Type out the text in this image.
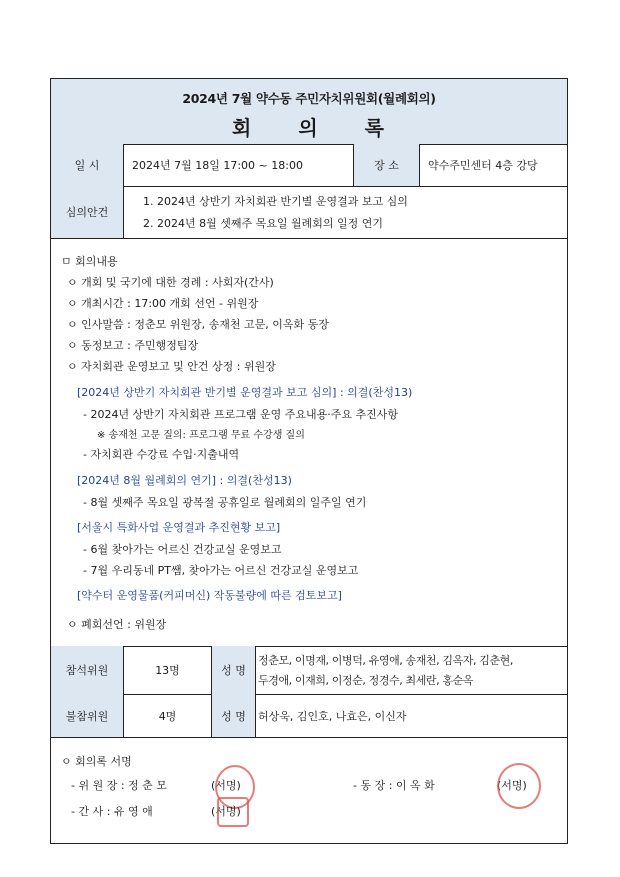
2024년 7월 약수동 주민자치위원회(월례회의)
회 의 록
일 시	2024년 7월 18일 17:00 ~ 18:00	장 소	약수주민센터 4층 강당
심의안건
1. 2024년 상반기 자치회관 반기별 운영결과 보고 심의
2. 2024년 8월 셋째주 목요일 월례회의 일정 연기
ㅁ 회의내용
ㅇ 개회 및 국기에 대한 경례 : 사회자(간사)
ㅇ 개최시간 : 17:00 개회 선언 - 위원장
ㅇ 인사말씀 : 정춘모 위원장, 송재천 고문, 이옥화 동장
ㅇ 동정보고 : 주민행정팀장
ㅇ 자치회관 운영보고 및 안건 상정 : 위원장
[2024년 상반기 자치회관 반기별 운영결과 보고 심의] : 의결(찬성13)
- 2024년 상반기 자치회관 프로그램 운영 주요내용·주요 추진사항
※ 송재천 고문 질의: 프로그램 무료 수강생 질의
- 자치회관 수강료 수입·지출내역
[2024년 8월 월례회의 연기] : 의결(찬성13)
- 8월 셋째주 목요일 광복절 공휴일로 월례회의 일주일 연기
[서울시 특화사업 운영결과 추진현황 보고]
- 6월 찾아가는 어르신 건강교실 운영보고
- 7월 우리동네 PT쌤, 찾아가는 어르신 건강교실 운영보고
[약수터 운영물품(커피머신) 작동불량에 따른 검토보고]
ㅇ 폐회선언 : 위원장
참석위원	13명	성 명
정춘모, 이명재, 이병덕, 유영애, 송재천, 김옥자, 김춘현,
두경애, 이재희, 이정순, 정경수, 최세란, 홍순옥
불참위원	4명	성 명	허상욱, 김인호, 나효은, 이신자
ㅇ 회의록 서명
- 위 원 장 : 정 춘 모	(서명)
- 간 사 : 유 영 애	(서명)
- 동 장 : 이 옥 화	(서명)
